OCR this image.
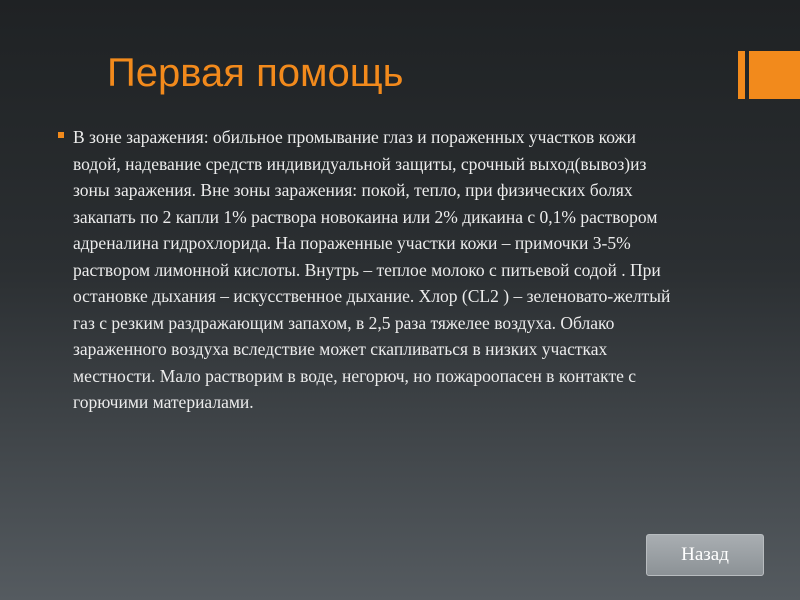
Первая помощь
В зоне заражения: обильное промывание глаз и пораженных участков кожи водой, надевание средств индивидуальной защиты, срочный выход(вывоз)из зоны заражения. Вне зоны заражения: покой, тепло, при физических болях закапать по 2 капли 1% раствора новокаина или 2% дикаина с 0,1% раствором адреналина гидрохлорида. На пораженные участки кожи – примочки 3-5% раствором лимонной кислоты. Внутрь – теплое молоко с питьевой содой . При остановке дыхания – искусственное дыхание. Хлор (CL2 ) – зеленовато-желтый газ с резким раздражающим запахом, в 2,5 раза тяжелее воздуха. Облако зараженного воздуха вследствие может скапливаться в низких участках местности. Мало растворим в воде, негорюч, но пожароопасен в контакте с горючими материалами.
Назад
